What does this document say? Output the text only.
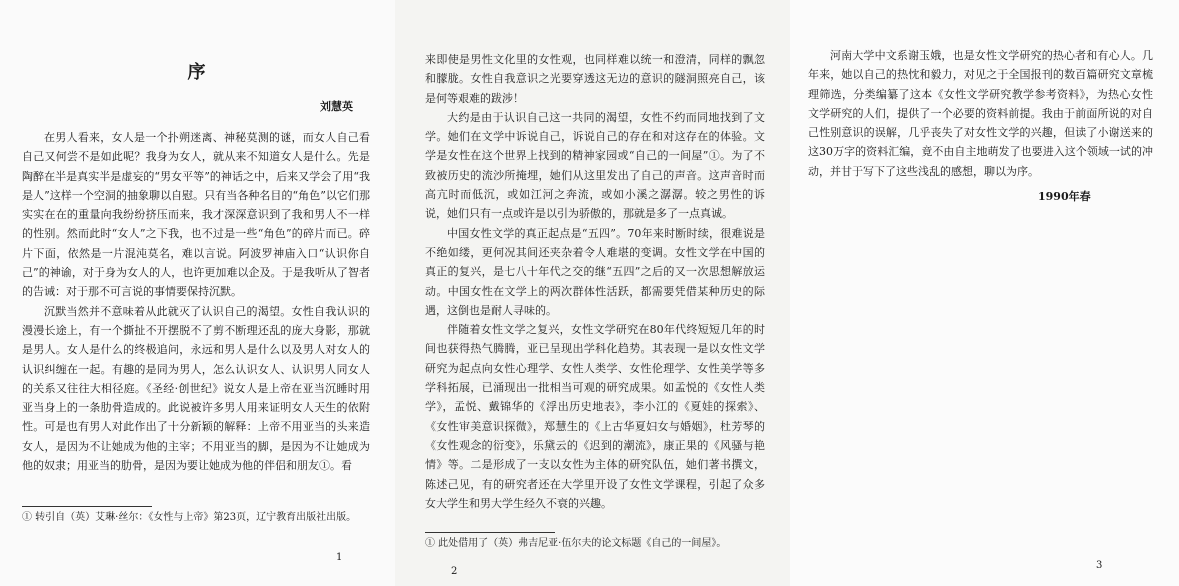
序
刘慧英

在男人看来，女人是一个扑朔迷离、神秘莫测的谜，而女人自己看自己又何尝不是如此呢？我身为女人，就从来不知道女人是什么。先是陶醉在半是真实半是虚妄的“男女平等”的神话之中，后来又学会了用“我是人”这样一个空洞的抽象聊以自慰。只有当各种名目的“角色”以它们那实实在在的重量向我纷纷挤压而来，我才深深意识到了我和男人不一样的性别。然而此时“女人”之下我，也不过是一些“角色”的碎片而已。碎片下面，依然是一片混沌莫名，难以言说。阿波罗神庙入口“认识你自己”的神谕，对于身为女人的人，也许更加难以企及。于是我听从了智者的告诫：对于那不可言说的事情要保持沉默。

沉默当然并不意味着从此就灭了认识自己的渴望。女性自我认识的漫漫长途上，有一个撕扯不开摆脱不了剪不断理还乱的庞大身影，那就是男人。女人是什么的终极追问，永远和男人是什么以及男人对女人的认识纠缠在一起。有趣的是同为男人，怎么认识女人、认识男人同女人的关系又往往大相径庭。《圣经·创世纪》说女人是上帝在亚当沉睡时用亚当身上的一条肋骨造成的。此说被许多男人用来证明女人天生的依附性。可是也有男人对此作出了十分新颖的解释：上帝不用亚当的头来造女人，是因为不让她成为他的主宰；不用亚当的脚，是因为不让她成为他的奴隶；用亚当的肋骨，是因为要让她成为他的伴侣和朋友①。看

① 转引自（英）艾琳·丝尔：《女性与上帝》第23页，辽宁教育出版社出版。
1

来即使是男性文化里的女性观，也同样难以统一和澄清，同样的飘忽和朦胧。女性自我意识之光要穿透这无边的意识的隧洞照亮自己，该是何等艰难的跋涉！

大约是由于认识自己这一共同的渴望，女性不约而同地找到了文学。她们在文学中诉说自己，诉说自己的存在和对这存在的体验。文学是女性在这个世界上找到的精神家园或“自己的一间屋”①。为了不致被历史的流沙所掩埋，她们从这里发出了自己的声音。这声音时而高亢时而低沉，或如江河之奔流，或如小溪之潺潺。较之男性的诉说，她们只有一点或许是以引为骄傲的，那就是多了一点真诚。

中国女性文学的真正起点是“五四”。70年来时断时续，很难说是不绝如缕，更何况其间还夹杂着令人难堪的变调。女性文学在中国的真正的复兴，是七八十年代之交的继“五四”之后的又一次思想解放运动。中国女性在文学上的两次群体性活跃，都需要凭借某种历史的际遇，这倒也是耐人寻味的。

伴随着女性文学之复兴，女性文学研究在80年代终短短几年的时间也获得热气腾腾，亚已呈现出学科化趋势。其表现一是以女性文学研究为起点向女性心理学、女性人类学、女性伦理学、女性美学等多学科拓展，已涌现出一批相当可观的研究成果。如孟悦的《女性人类学》，孟悦、戴锦华的《浮出历史地表》，李小江的《夏娃的探索》、《女性审美意识探微》，郑慧生的《上古华夏妇女与婚姻》，杜芳琴的《女性观念的衍变》，乐黛云的《迟到的潮流》，康正果的《风骚与艳情》等。二是形成了一支以女性为主体的研究队伍，她们著书撰文，陈述己见，有的研究者还在大学里开设了女性文学课程，引起了众多女大学生和男大学生经久不衰的兴趣。

① 此处借用了（英）弗吉尼亚·伍尔夫的论文标题《自己的一间屋》。
2

河南大学中文系谢玉娥，也是女性文学研究的热心者和有心人。几年来，她以自己的热忱和毅力，对见之于全国报刊的数百篇研究文章梳理筛选，分类编纂了这本《女性文学研究教学参考资料》，为热心女性文学研究的人们，提供了一个必要的资料前提。我由于前面所说的对自己性别意识的误解，几乎丧失了对女性文学的兴趣，但读了小谢送来的这30万字的资料汇编，竟不由自主地萌发了也要进入这个领域一试的冲动，并甘于写下了这些浅乱的感想，聊以为序。

1990年春
3
